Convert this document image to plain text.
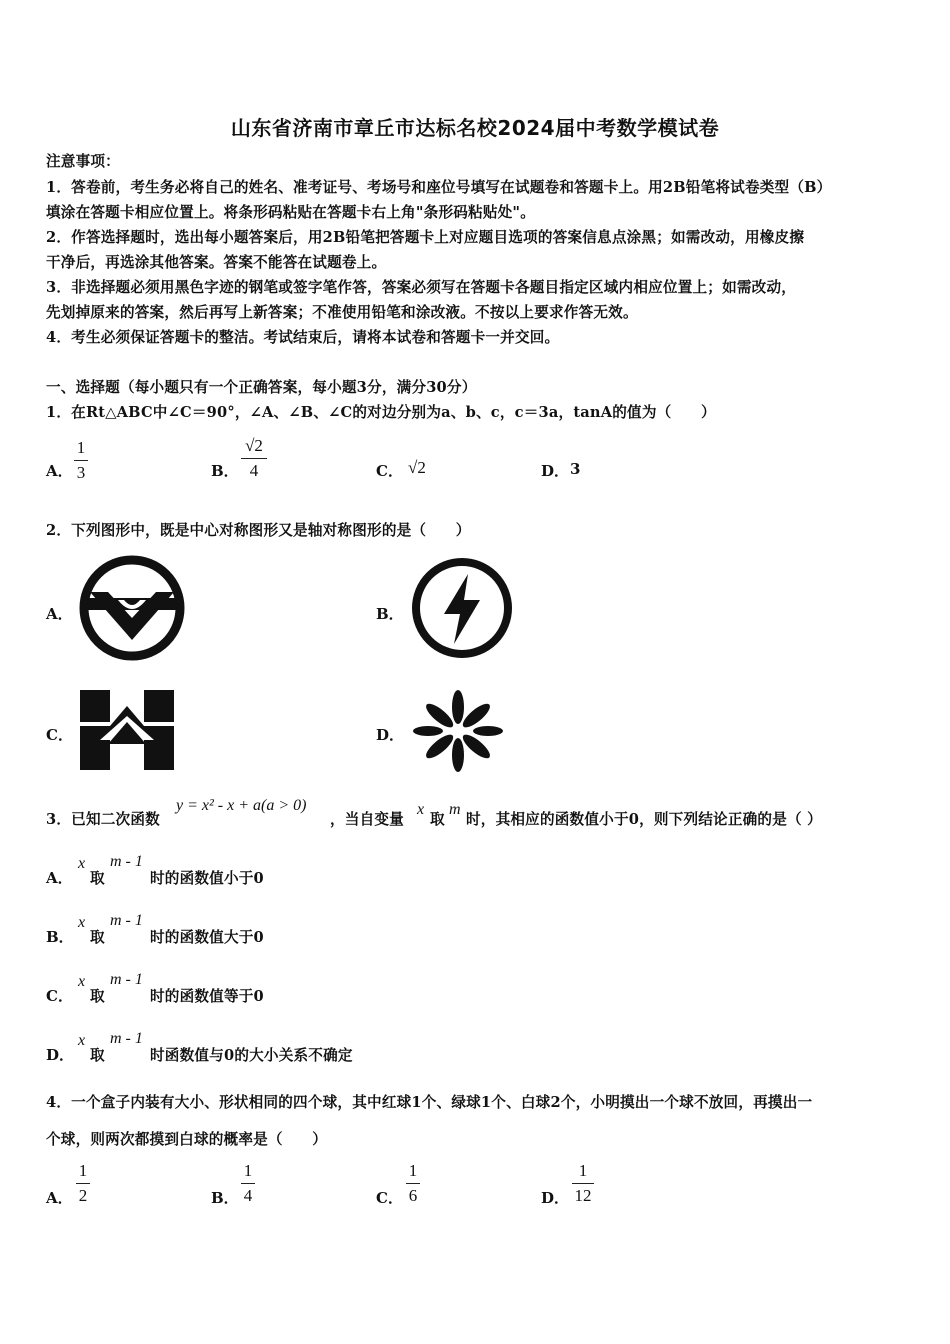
山东省济南市章丘市达标名校2024届中考数学模试卷
注意事项：
1．答卷前，考生务必将自己的姓名、准考证号、考场号和座位号填写在试题卷和答题卡上。用2B铅笔将试卷类型（B）
填涂在答题卡相应位置上。将条形码粘贴在答题卡右上角"条形码粘贴处"。
2．作答选择题时，选出每小题答案后，用2B铅笔把答题卡上对应题目选项的答案信息点涂黑；如需改动，用橡皮擦
干净后，再选涂其他答案。答案不能答在试题卷上。
3．非选择题必须用黑色字迹的钢笔或签字笔作答，答案必须写在答题卡各题目指定区域内相应位置上；如需改动，
先划掉原来的答案，然后再写上新答案；不准使用铅笔和涂改液。不按以上要求作答无效。
4．考生必须保证答题卡的整洁。考试结束后，请将本试卷和答题卡一并交回。
一、选择题（每小题只有一个正确答案，每小题3分，满分30分）
1．在Rt△ABC中∠C＝90°，∠A、∠B、∠C的对边分别为a、b、c，c＝3a，tanA的值为（　　）
A．
1
3	B．
√2
4	C． √2	D． 3
2．下列图形中，既是中心对称图形又是轴对称图形的是（　　）
A．	B．
C．	D．
3．已知二次函数
y = x² - x + a(a > 0)
，当自变量
x
取
m
时，其相应的函数值小于0，则下列结论正确的是（ ）
A．
x
取
m - 1
时的函数值小于0
B．
x
取
m - 1
时的函数值大于0
C．
x
取
m - 1
时的函数值等于0
D．
x
取
m - 1
时函数值与0的大小关系不确定
4．一个盒子内装有大小、形状相同的四个球，其中红球1个、绿球1个、白球2个，小明摸出一个球不放回，再摸出一
个球，则两次都摸到白球的概率是（　　）
A．
1
2	B．
1
4	C．
1
6	D．
1
12
